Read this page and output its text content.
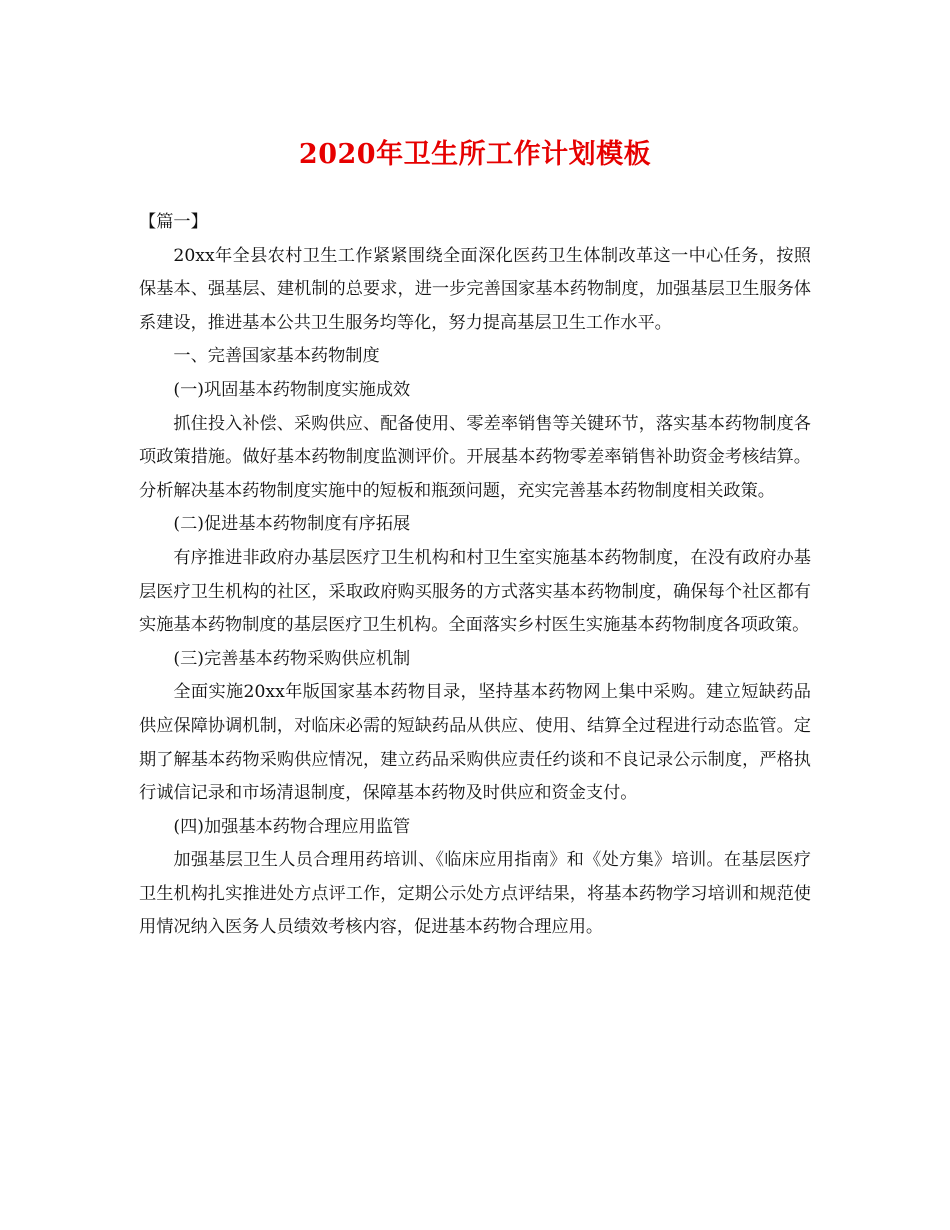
2020年卫生所工作计划模板

【篇一】

20xx年全县农村卫生工作紧紧围绕全面深化医药卫生体制改革这一中心任务，按照保基本、强基层、建机制的总要求，进一步完善国家基本药物制度，加强基层卫生服务体系建设，推进基本公共卫生服务均等化，努力提高基层卫生工作水平。

一、完善国家基本药物制度

(一)巩固基本药物制度实施成效

抓住投入补偿、采购供应、配备使用、零差率销售等关键环节，落实基本药物制度各项政策措施。做好基本药物制度监测评价。开展基本药物零差率销售补助资金考核结算。分析解决基本药物制度实施中的短板和瓶颈问题，充实完善基本药物制度相关政策。

(二)促进基本药物制度有序拓展

有序推进非政府办基层医疗卫生机构和村卫生室实施基本药物制度，在没有政府办基层医疗卫生机构的社区，采取政府购买服务的方式落实基本药物制度，确保每个社区都有实施基本药物制度的基层医疗卫生机构。全面落实乡村医生实施基本药物制度各项政策。

(三)完善基本药物采购供应机制

全面实施20xx年版国家基本药物目录，坚持基本药物网上集中采购。建立短缺药品供应保障协调机制，对临床必需的短缺药品从供应、使用、结算全过程进行动态监管。定期了解基本药物采购供应情况，建立药品采购供应责任约谈和不良记录公示制度，严格执行诚信记录和市场清退制度，保障基本药物及时供应和资金支付。

(四)加强基本药物合理应用监管

加强基层卫生人员合理用药培训、《临床应用指南》和《处方集》培训。在基层医疗卫生机构扎实推进处方点评工作，定期公示处方点评结果，将基本药物学习培训和规范使用情况纳入医务人员绩效考核内容，促进基本药物合理应用。
